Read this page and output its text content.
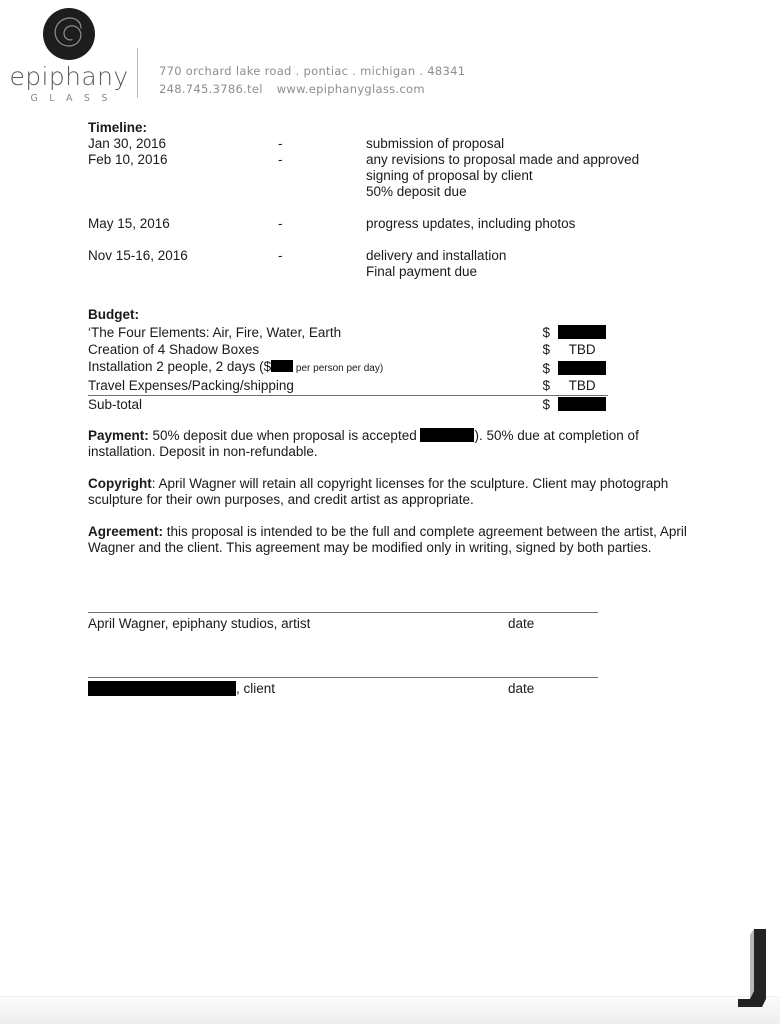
epiphany
G L A S S
770 orchard lake road . pontiac . michigan . 48341
248.745.3786.tel www.epiphanyglass.com
Timeline:
Jan 30, 2016	-	submission of proposal
Feb 10, 2016	-	any revisions to proposal made and approved
signing of proposal by client
50% deposit due
May 15, 2016	-	progress updates, including photos
Nov 15-16, 2016	-	delivery and installation
Final payment due
Budget:
‘The Four Elements: Air, Fire, Water, Earth	$	
Creation of 4 Shadow Boxes	$	TBD
Installation 2 people, 2 days ($ per person per day)	$	
Travel Expenses/Packing/shipping	$	TBD
Sub-total	$	

Payment: 50% deposit due when proposal is accepted	). 50% due at completion of installation. Deposit in non-refundable.

Copyright: April Wagner will retain all copyright licenses for the sculpture. Client may photograph sculpture for their own purposes, and credit artist as appropriate.

Agreement: this proposal is intended to be the full and complete agreement between the artist, April Wagner and the client. This agreement may be modified only in writing, signed by both parties.

April Wagner, epiphany studios, artist	date
, client	date
